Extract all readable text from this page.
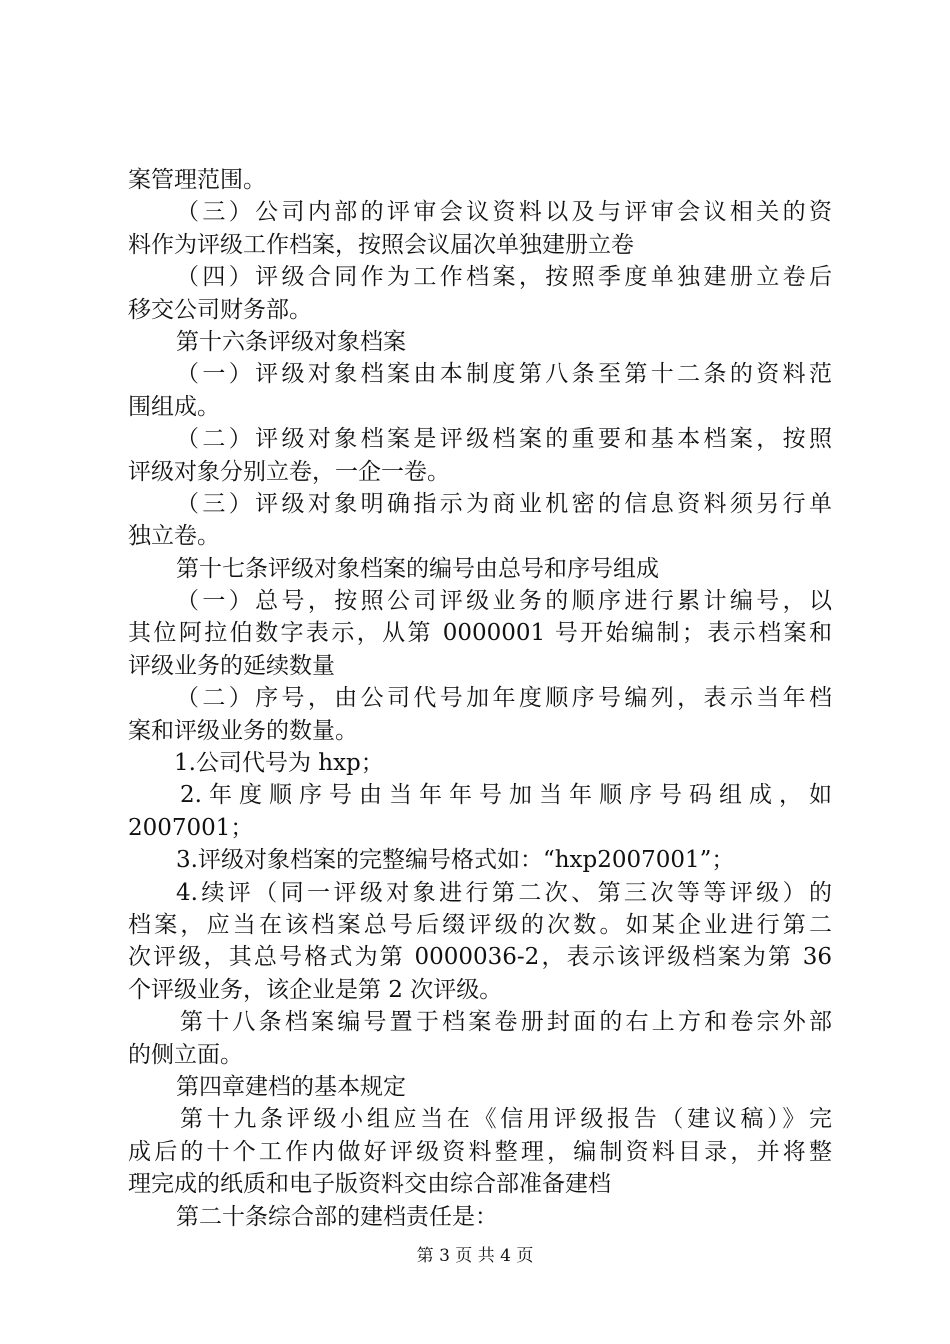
案管理范围。
（三）公司内部的评审会议资料以及与评审会议相关的资
料作为评级工作档案，按照会议届次单独建册立卷
（四）评级合同作为工作档案，按照季度单独建册立卷后
移交公司财务部。
第十六条评级对象档案
（一）评级对象档案由本制度第八条至第十二条的资料范
围组成。
（二）评级对象档案是评级档案的重要和基本档案，按照
评级对象分别立卷，一企一卷。
（三）评级对象明确指示为商业机密的信息资料须另行单
独立卷。
第十七条评级对象档案的编号由总号和序号组成
（一）总号，按照公司评级业务的顺序进行累计编号，以
其位阿拉伯数字表示，从第 0000001 号开始编制；表示档案和
评级业务的延续数量
（二）序号，由公司代号加年度顺序号编列，表示当年档
案和评级业务的数量。
1.公司代号为 hxp；
2.年度顺序号由当年年号加当年顺序号码组成，如
2007001；
3.评级对象档案的完整编号格式如：“hxp2007001”；
4.续评（同一评级对象进行第二次、第三次等等评级）的
档案，应当在该档案总号后缀评级的次数。如某企业进行第二
次评级，其总号格式为第 0000036-2，表示该评级档案为第 36
个评级业务，该企业是第 2 次评级。
第十八条档案编号置于档案卷册封面的右上方和卷宗外部
的侧立面。
第四章建档的基本规定
第十九条评级小组应当在《信用评级报告（建议稿）》完
成后的十个工作内做好评级资料整理，编制资料目录，并将整
理完成的纸质和电子版资料交由综合部准备建档
第二十条综合部的建档责任是：
第 3 页 共 4 页
